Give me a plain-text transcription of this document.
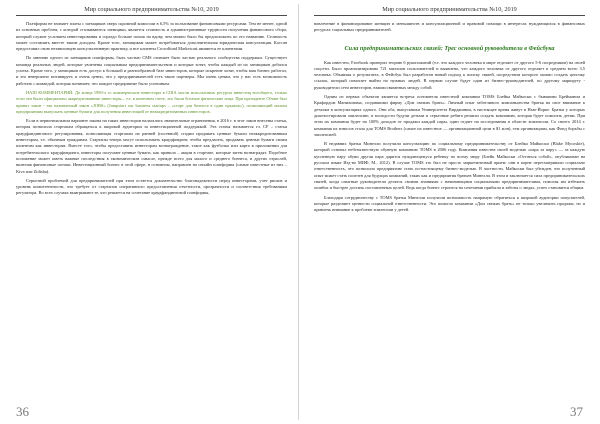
Мир социального предпринимательства №10, 2019

Платформа не взимает платы с заемщиков сверх скромной комиссии в 6,5% за пользование финансовыми ресурсами. Тем не менее, одной из основных проблем, с которой сталкиваются заемщики, является стоимость и административные трудности получения финансового сбора, который служит условием инвестирования и гораздо больше похож на вдову, чем можно было бы предположить по его названию. Стоимость может составлять вместе таким доходом. Кроме того, заемщикам может потребоваться дополнительная юридическая консультация. Кассан предоставил свою независимую консультативную практику, и все клиенты Crowdfund Marketcast являются ее клиентами.

По мнению одного из заемщиков платформы, быть частью CMS означает быть частью реального сообщества поддержки. Существует команда реальных людей, которые увлечены социальным предпринимательством и которые хотят, чтобы каждый из их заемщиков добился успеха. Кроме того, у заемщиков есть доступ к большой и разнообразной базе инвесторов, которые искренне хотят, чтобы ваш бизнес работал, и это невероятно мотивирует, и очень ценно, что у предпринимателей есть такие партнеры. Мы очень ценим, что у нас есть возможность работать с командой, которая понимает, что каждое предприятие было успешным.

НАШ КОММЕНТАРИЙ: До конца 1980-х гг. коммерческие инвесторы в США могли использовать ресурсы инвестиц всеобщего, только если эти были официально аккредитованные инвесторы – т.е. в конечном счете, это были богатые физические лица. При президенте Обаме был принят закон - так называемый закон «JOBS» (Jumpstart our business startups – «старт для бизнеса в один прыжок»), позволяющий малым предприятиям выпускать ценные бумаги для получения инвестиций от неаккредитованных инвесторов.

Если в первоначальном варианте закона на таких инвесторов налагались значительные ограничения, в 2016 г. в этот закон внесены статья, которая позволила стартапам обращаться к широкой аудитории за инвестиционной поддержкой. Эта статья называется гл. CF – статья краудфандингового регулирования, позволяющая стартапам на ранней (посевной) стадии продавать ценные бумаги неаккредитованным инвесторам, т.е. обычным гражданам. Стартапы теперь могут использовать краудфандинг, чтобы предлагать, продавать ценные бумаги своим клиентам как инвесторам. Вместе того, чтобы предоставить инвесторам вознаграждение, такое как футболка или карта в приложении для потребительского краудфандинга, инвесторы получают ценные бумаги, как правило – акции в стартапе, которые затем вознаградят. Подобное положение может иметь важные последствия в экономическом смысле, прежде всего для малого и среднего бизнеса, и других отраслей, включая финансовые потоки. Инвестиционный бизнес в этой сфере, в основном, направлен на онлайн платформы (самые известные из них – Kiva или Zidisha).

Серьезной проблемой для предпринимателей при этом остается доказательство благонадежности перед инвесторами, учет рисков и уровень компетентности, что требует от стартапов оперативного предоставления отчетности, прозрачности и соответствия требованиям регулятора. Во всех случаях выигрывают те, кто решается на сочетание краудфандинговой платформы,

36
Мир социального предпринимательства №10, 2019

вовлечение в финансирование женщин и меньшинств и консультационной и правовой помощи в интересах нуждающихся в финансовых ресурсах социальных предпринимателей.

Сила предпринимательских связей: Трес основной руководители в Фейсбука

Как известно, Facebook проверил теорию 6 рукопожатий (т.е. что каждого человека в мире отделяет от другого 5-6 посредников) на своей соцсети. Было проанализировано 721 миллион пользователей и выявлено, что каждого человека от другого отделяет в среднем всего 3,5 человека. Объявляя о результатах, в Фейсбук был разработан новый подход к поиску связей, посредством которого можно создать цепочку ссылок, который помогает выйти на нужных людей. В первом случае будут один из бизнес-руководителей, по другому маршруту - руководители сети инвесторов, взаимосвязанных между собой.

Одним из первых объектов является встреча основателя известной компании TOMS Блейка Майкоски с бывшими Брейманом и Крафордом Манилинама, создавшими фирму «Дом свежих брать». Личный опыт заботливого компаньонства братья на свое внимание к деталям в консультациях одного. Они оба, выпускники Университета Вирджинии, в настоящее время живут в Нью-Йорке. Братья у которых диагностировали эпилепсию, в молодости будучи детьми и серьезные ребята решили создать компанию, которая будет помогать детям. При этом их компания будет на 100% доходов от продажи каждой пары, один отдает на исследования в области эпилепсии. Со своего 2014 г. компания их взносов стала для TOMS Brothers (самое их известное — организационной цели в $1 млн), тем организациям, как Фонд борьбы с эпилепсией.

В недавних братья Минелли получили консультацию по социальному предпринимательству от Блейка Майкоски (Blake Mycoskie), который основал небезызвестную обувную компанию TOMS в 2006 году. Компания известна своей моделью «пара за пару» — за каждую купленную пару обуви другая пара дарится нуждающемуся ребенку по всему миру (Блейк Майкоски «Остаться собой», опубликован на русском языке Изд-во МИФ, М., 2012). В случае TOMS это был не просто маркетинговый прием: они в корне пересматривали социально ответственность, что позволило предприятию стать по-настоящему бизнес-моделью. В частности, Майкоски был убежден, что полученный опыт может стать полезен для будущих компаний, таких как и предприятия братьев Минелли. В этом и заключается сила предпринимательских связей, когда опытные руководители делятся своими знаниями с начинающими социальными предпринимателями, помогая им избежать ошибок и быстрее достичь поставленных целей. Ведь когда бизнес строится на сочетании прибыли и заботы о людях, успех становится общим.

Благодаря сотрудничеству с TOMS братья Минелли получили возможность напрямую обратиться к широкой аудитории покупателей, которые разделяют ценности социальной ответственности. Это помогло компании «Дом свежих брать» не только увеличить продажи, но и привлечь внимание к проблеме эпилепсии у детей.

37
